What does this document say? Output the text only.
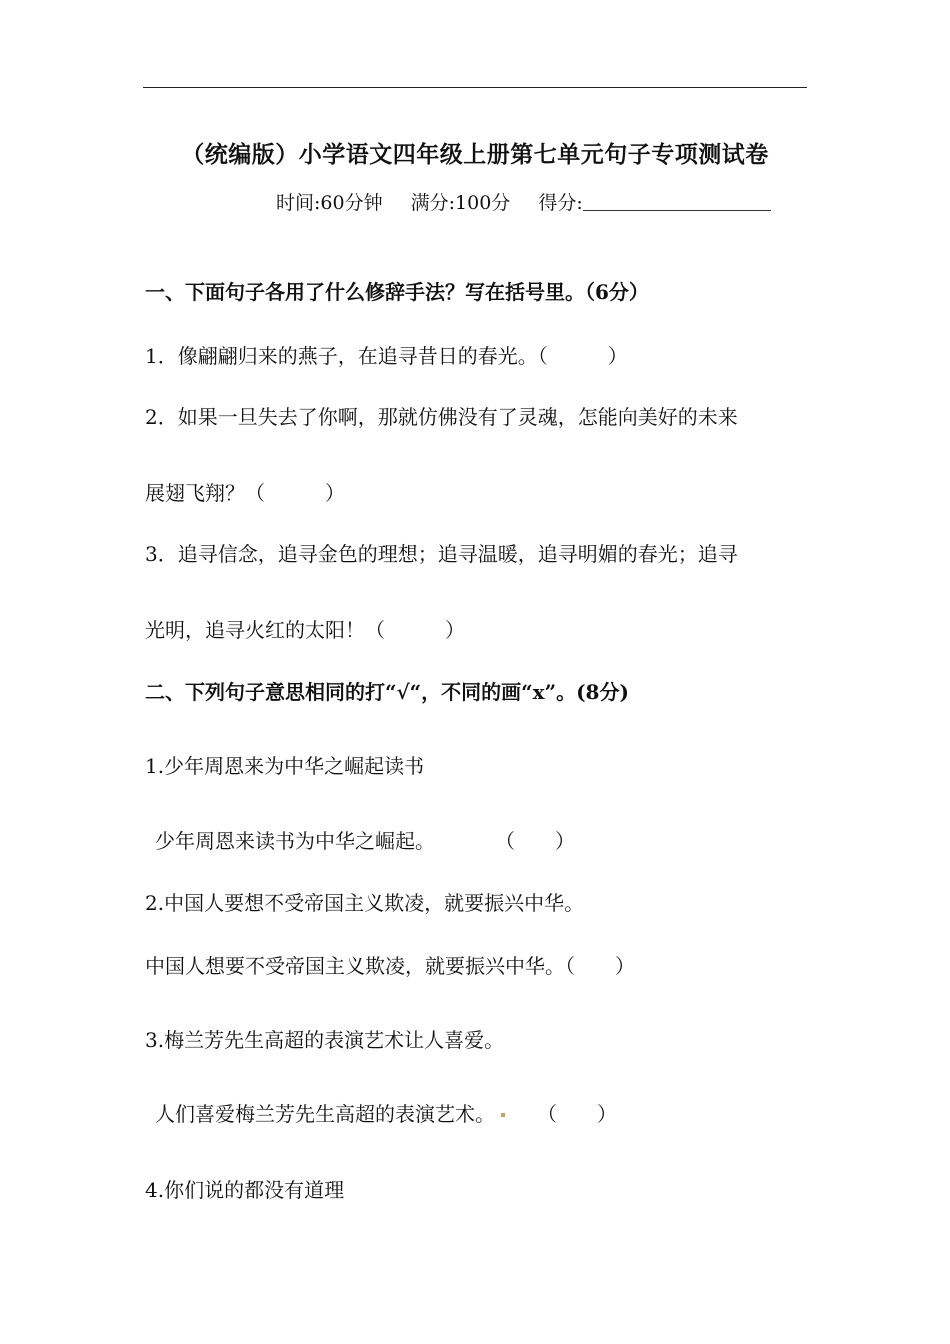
（统编版）小学语文四年级上册第七单元句子专项测试卷
时间:60分钟 满分:100分 得分:
一、下面句子各用了什么修辞手法？写在括号里。（6分）
1．像翩翩归来的燕子，在追寻昔日的春光。（　　　）
2．如果一旦失去了你啊，那就仿佛没有了灵魂，怎能向美好的未来
展翅飞翔？（　　　）
3．追寻信念，追寻金色的理想；追寻温暖，追寻明媚的春光；追寻
光明，追寻火红的太阳！（　　　）
二、下列句子意思相同的打“√“，不同的画“x”。(8分)
1.少年周恩来为中华之崛起读书
少年周恩来读书为中华之崛起。　　　　（　　）
2.中国人要想不受帝国主义欺凌，就要振兴中华。
中国人想要不受帝国主义欺凌，就要振兴中华。（　　）
3.梅兰芳先生高超的表演艺术让人喜爱。
人们喜爱梅兰芳先生高超的表演艺术。 （　　）
4.你们说的都没有道理
